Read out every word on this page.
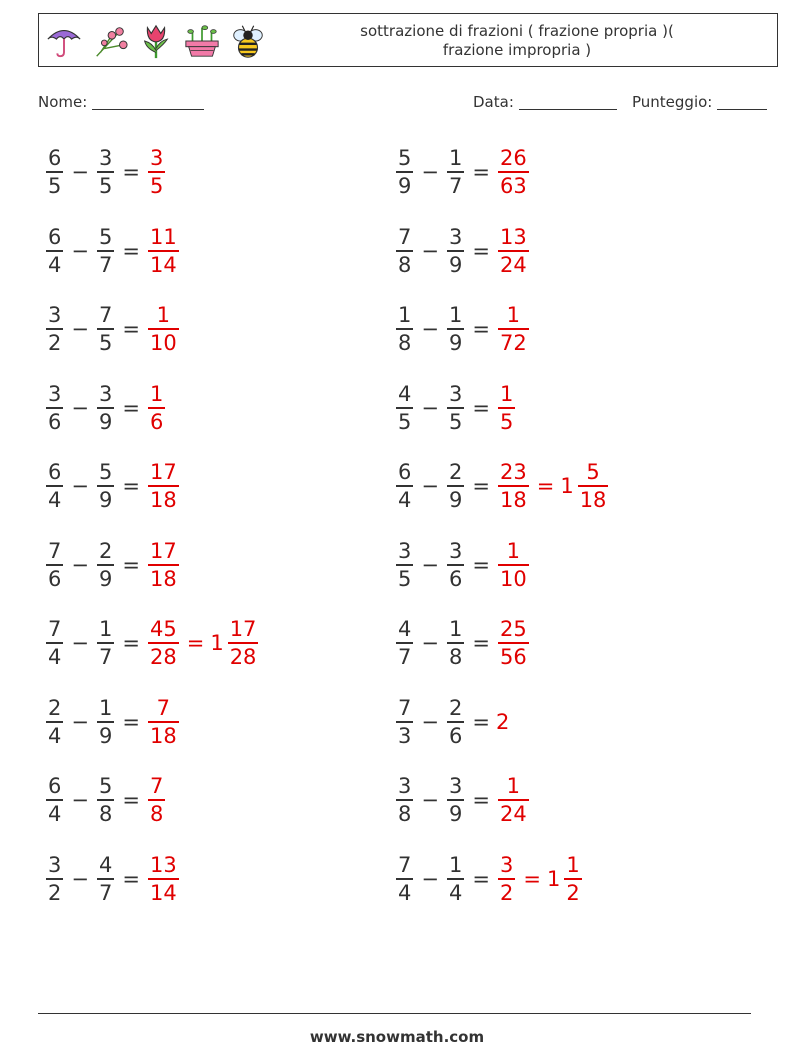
sottrazione di frazioni ( frazione propria )( frazione impropria )
Nome:	Data:	Punteggio:
$\frac{6}{5} - \frac{3}{5} = \frac{3}{5}$	$\frac{5}{9} - \frac{1}{7} = \frac{26}{63}$
$\frac{6}{4} - \frac{5}{7} = \frac{11}{14}$	$\frac{7}{8} - \frac{3}{9} = \frac{13}{24}$
$\frac{3}{2} - \frac{7}{5} = \frac{1}{10}$	$\frac{1}{8} - \frac{1}{9} = \frac{1}{72}$
$\frac{3}{6} - \frac{3}{9} = \frac{1}{6}$	$\frac{4}{5} - \frac{3}{5} = \frac{1}{5}$
$\frac{6}{4} - \frac{5}{9} = \frac{17}{18}$	$\frac{6}{4} - \frac{2}{9} = \frac{23}{18} = 1 \frac{5}{18}$
$\frac{7}{6} - \frac{2}{9} = \frac{17}{18}$	$\frac{3}{5} - \frac{3}{6} = \frac{1}{10}$
$\frac{7}{4} - \frac{1}{7} = \frac{45}{28} = 1 \frac{17}{28}$	$\frac{4}{7} - \frac{1}{8} = \frac{25}{56}$
$\frac{2}{4} - \frac{1}{9} = \frac{7}{18}$	$\frac{7}{3} - \frac{2}{6} = 2$
$\frac{6}{4} - \frac{5}{8} = \frac{7}{8}$	$\frac{3}{8} - \frac{3}{9} = \frac{1}{24}$
$\frac{3}{2} - \frac{4}{7} = \frac{13}{14}$	$\frac{7}{4} - \frac{1}{4} = \frac{3}{2} = 1 \frac{1}{2}$
www.snowmath.com
